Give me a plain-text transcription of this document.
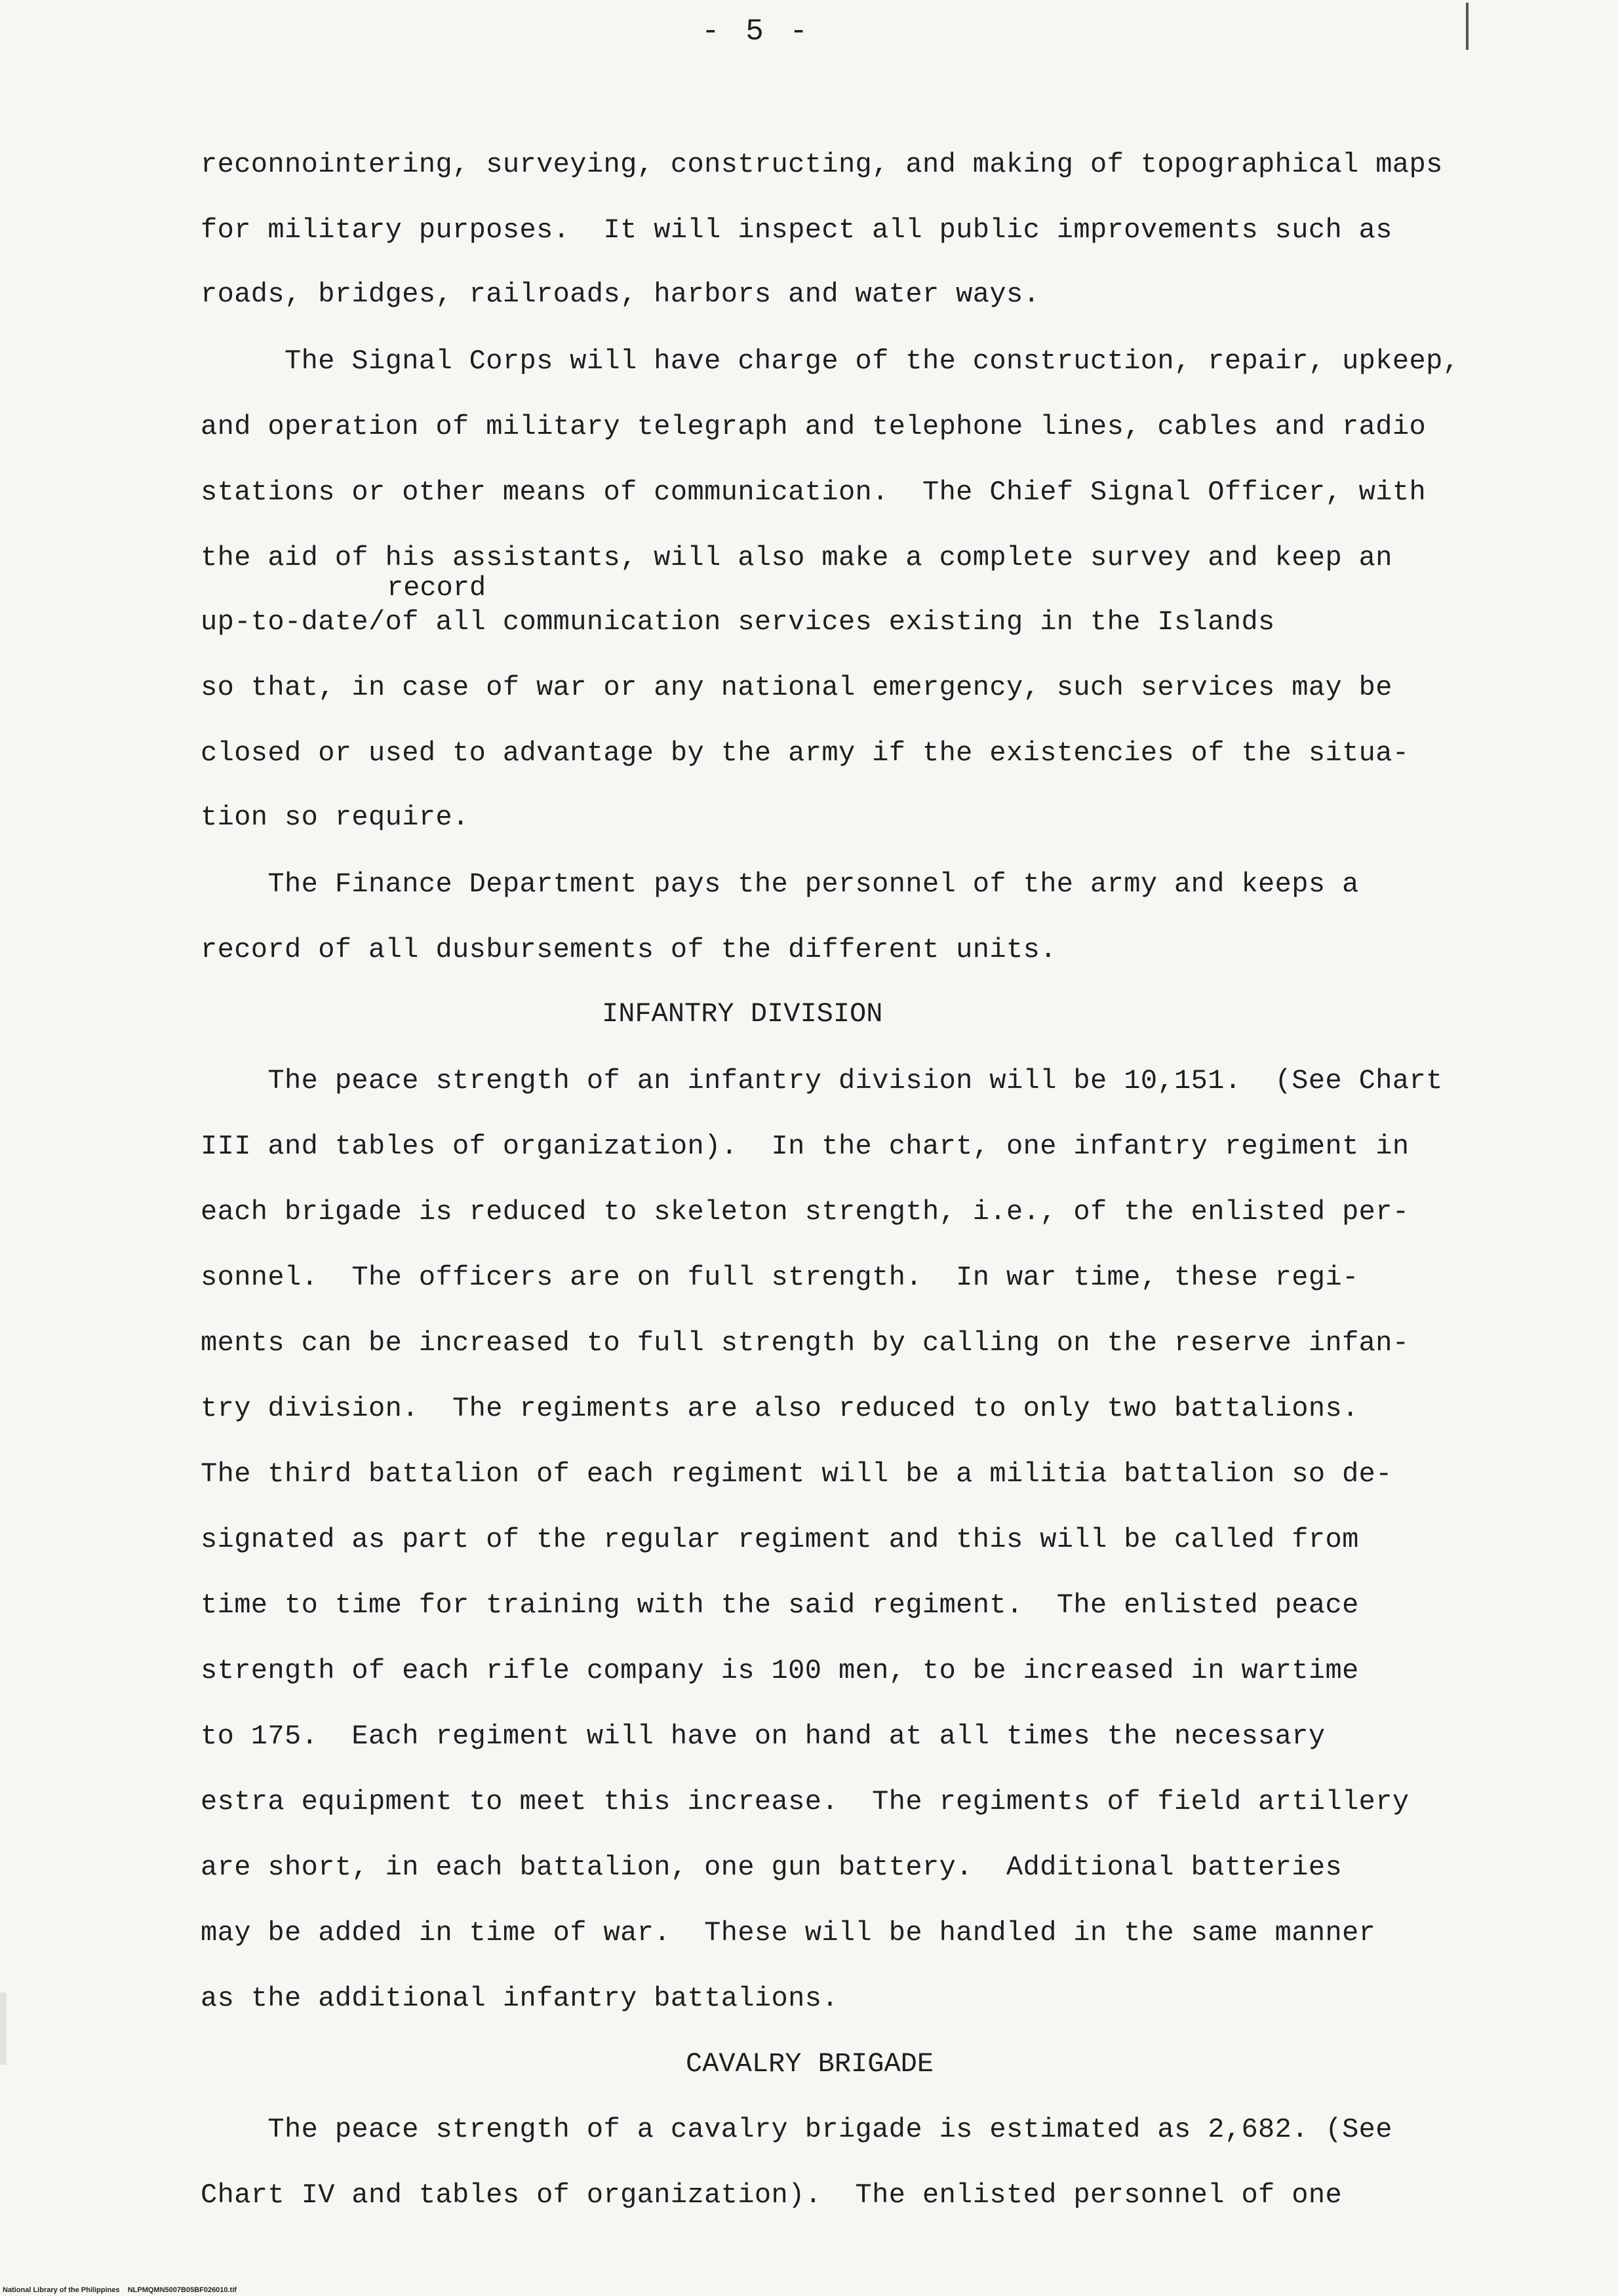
- 5 -
reconnointering, surveying, constructing, and making of topographical maps
for military purposes.  It will inspect all public improvements such as
roads, bridges, railroads, harbors and water ways.
The Signal Corps will have charge of the construction, repair, upkeep,
and operation of military telegraph and telephone lines, cables and radio
stations or other means of communication.  The Chief Signal Officer, with
the aid of his assistants, will also make a complete survey and keep an
record
up-to-date/of all communication services existing in the Islands
so that, in case of war or any national emergency, such services may be
closed or used to advantage by the army if the existencies of the situa-
tion so require.
The Finance Department pays the personnel of the army and keeps a
record of all dusbursements of the different units.
INFANTRY DIVISION
The peace strength of an infantry division will be 10,151.  (See Chart
III and tables of organization).  In the chart, one infantry regiment in
each brigade is reduced to skeleton strength, i.e., of the enlisted per-
sonnel.  The officers are on full strength.  In war time, these regi-
ments can be increased to full strength by calling on the reserve infan-
try division.  The regiments are also reduced to only two battalions.
The third battalion of each regiment will be a militia battalion so de-
signated as part of the regular regiment and this will be called from
time to time for training with the said regiment.  The enlisted peace
strength of each rifle company is 100 men, to be increased in wartime
to 175.  Each regiment will have on hand at all times the necessary
estra equipment to meet this increase.  The regiments of field artillery
are short, in each battalion, one gun battery.  Additional batteries
may be added in time of war.  These will be handled in the same manner
as the additional infantry battalions.
CAVALRY BRIGADE
The peace strength of a cavalry brigade is estimated as 2,682. (See
Chart IV and tables of organization).  The enlisted personnel of one
National Library of the Philippines    NLPMQMN5007B05BF026010.tif
